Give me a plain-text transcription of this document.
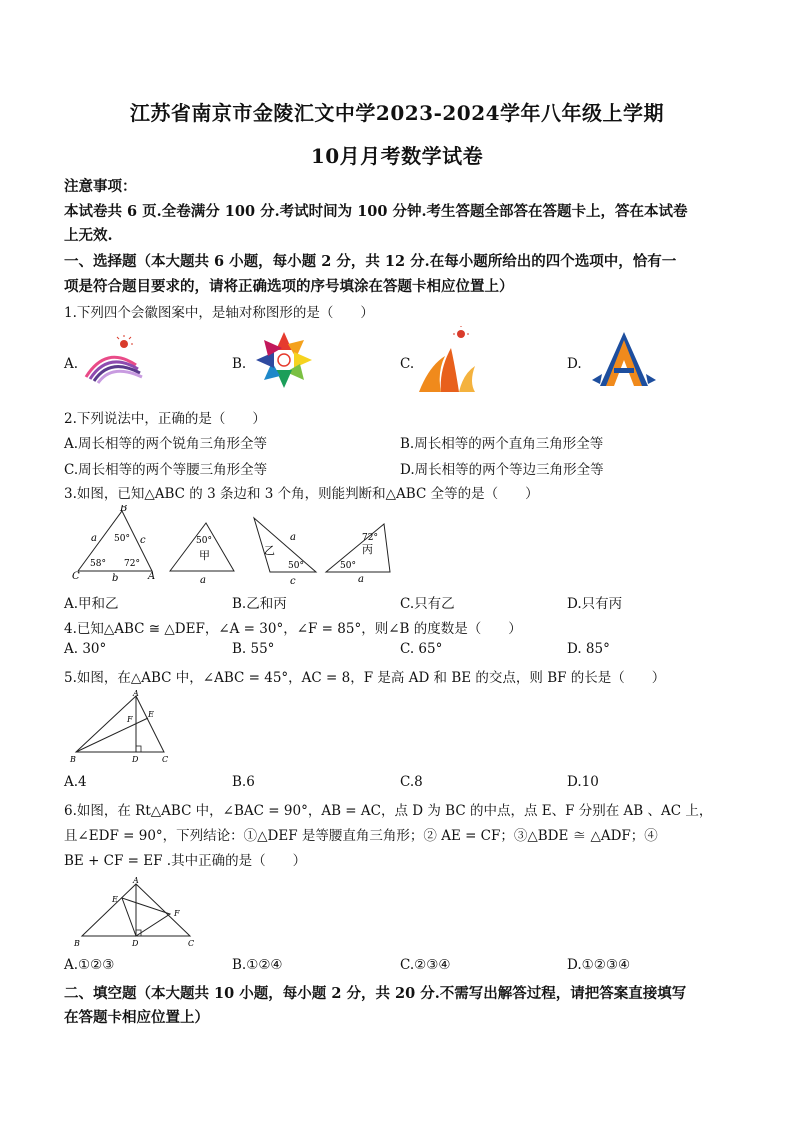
江苏省南京市金陵汇文中学2023-2024学年八年级上学期
10月月考数学试卷
注意事项：
本试卷共 6 页.全卷满分 100 分.考试时间为 100 分钟.考生答题全部答在答题卡上，答在本试卷
上无效.
一、选择题（本大题共 6 小题，每小题 2 分，共 12 分.在每小题所给出的四个选项中，恰有一
项是符合题目要求的，请将正确选项的序号填涂在答题卡相应位置上）
1.下列四个会徽图案中，是轴对称图形的是（　　）
A.	B.	C.	D.
2.下列说法中，正确的是（　　）
A.周长相等的两个锐角三角形全等	B.周长相等的两个直角三角形全等
C.周长相等的两个等腰三角形全等	D.周长相等的两个等边三角形全等
3.如图，已知△ABC 的 3 条边和 3 个角，则能判断和△ABC 全等的是（　　）
B
C	A
a	c
b
50°
58° 72°
50°
甲
a
乙
a
50°
c
72°
丙
50°
a
A.甲和乙	B.乙和丙	C.只有乙	D.只有丙
4.已知△ABC ≅ △DEF，∠A = 30°，∠F = 85°，则∠B 的度数是（　　）
A. 30°	B. 55°	C. 65°	D. 85°
5.如图，在△ABC 中，∠ABC = 45°，AC = 8，F 是高 AD 和 BE 的交点，则 BF 的长是（　　）
A
B	C
D
E
F
A.4	B.6	C.8	D.10
6.如图，在 Rt△ABC 中，∠BAC = 90°，AB = AC，点 D 为 BC 的中点，点 E、F 分别在 AB 、AC 上，
且∠EDF = 90°，下列结论：①△DEF 是等腰直角三角形；② AE = CF；③△BDE ≅ △ADF；④
BE + CF = EF .其中正确的是（　　）
A
B	C
D
E
F
A.①②③	B.①②④	C.②③④	D.①②③④
二、填空题（本大题共 10 小题，每小题 2 分，共 20 分.不需写出解答过程，请把答案直接填写
在答题卡相应位置上）
